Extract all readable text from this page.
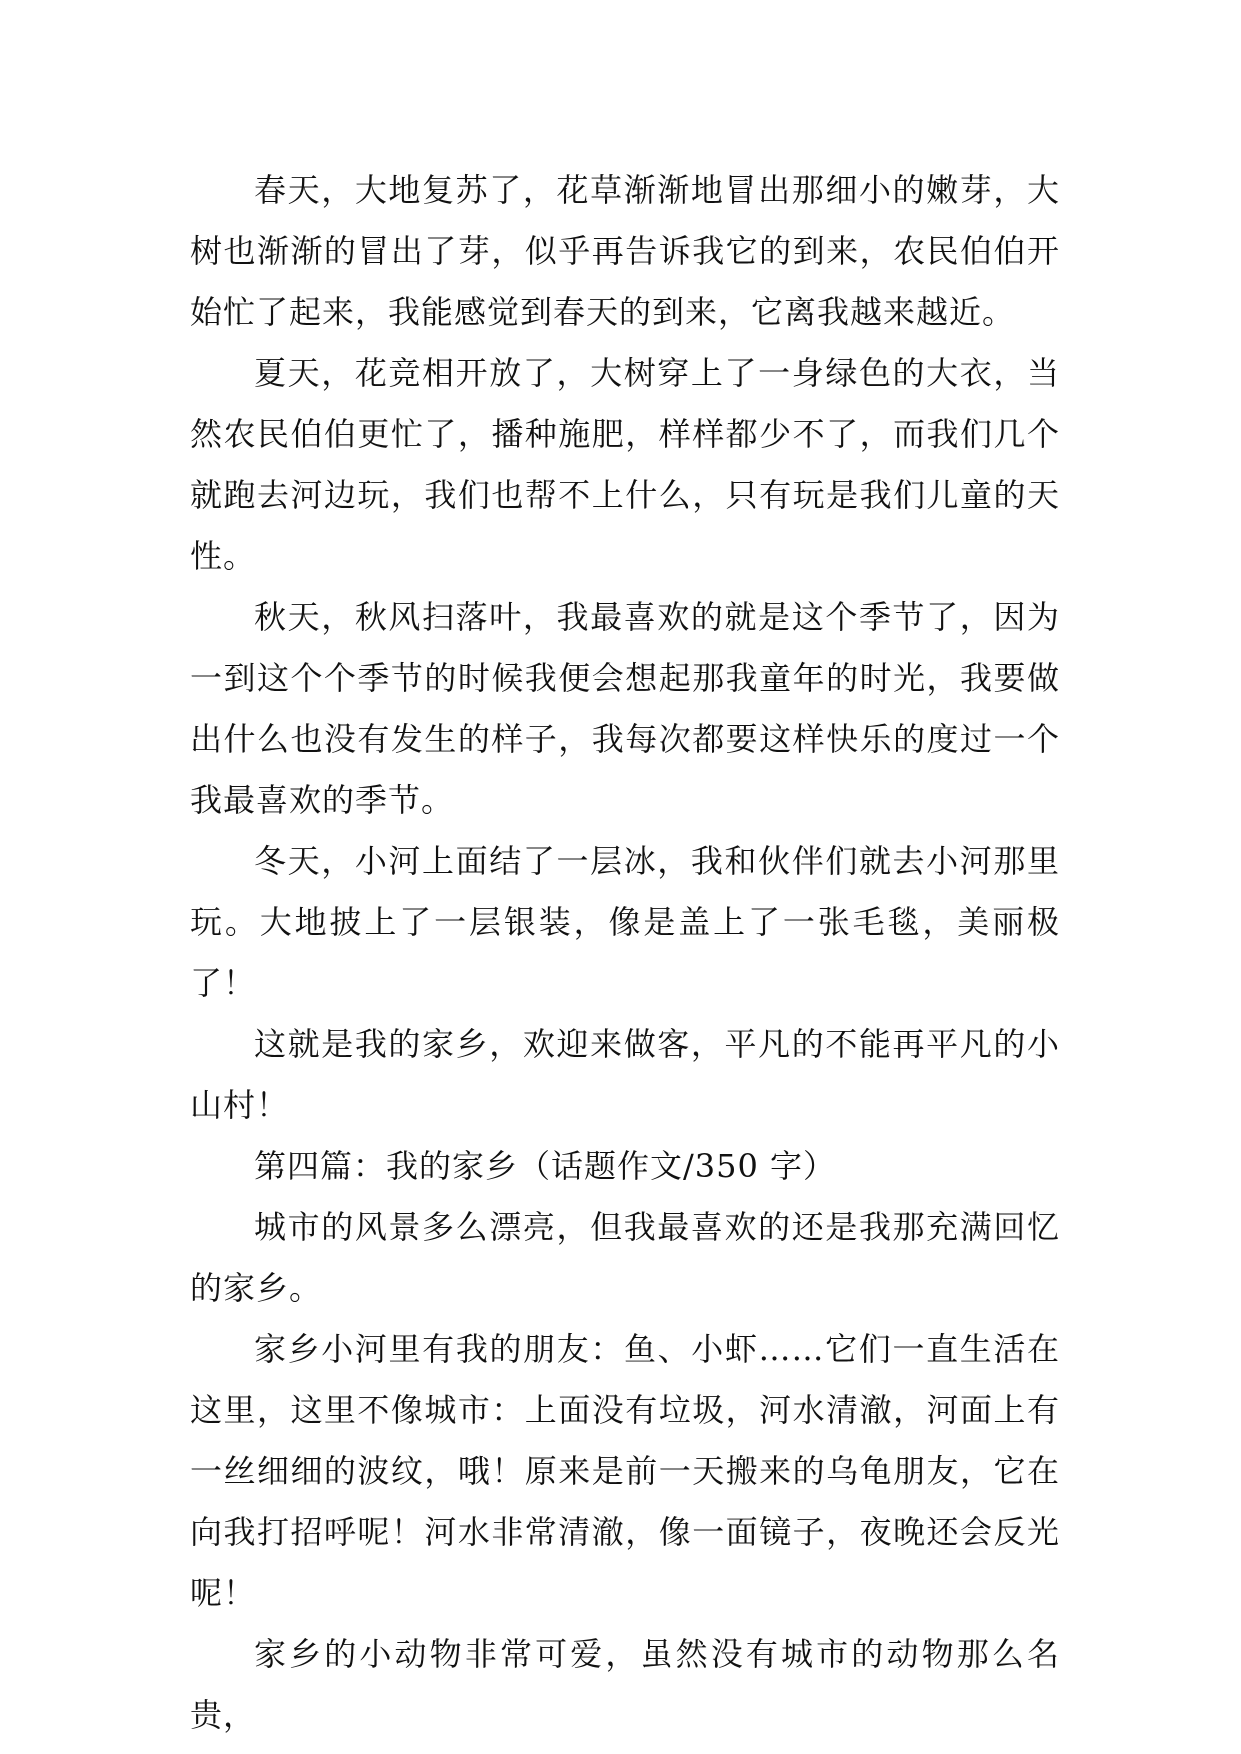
春天，大地复苏了，花草渐渐地冒出那细小的嫩芽，大树也渐渐的冒出了芽，似乎再告诉我它的到来，农民伯伯开始忙了起来，我能感觉到春天的到来，它离我越来越近。

夏天，花竞相开放了，大树穿上了一身绿色的大衣，当然农民伯伯更忙了，播种施肥，样样都少不了，而我们几个就跑去河边玩，我们也帮不上什么，只有玩是我们儿童的天性。

秋天，秋风扫落叶，我最喜欢的就是这个季节了，因为一到这个个季节的时候我便会想起那我童年的时光，我要做出什么也没有发生的样子，我每次都要这样快乐的度过一个我最喜欢的季节。

冬天，小河上面结了一层冰，我和伙伴们就去小河那里玩。大地披上了一层银装，像是盖上了一张毛毯，美丽极了！

这就是我的家乡，欢迎来做客，平凡的不能再平凡的小山村！

第四篇：我的家乡（话题作文/350 字）

城市的风景多么漂亮，但我最喜欢的还是我那充满回忆的家乡。

家乡小河里有我的朋友：鱼、小虾……它们一直生活在这里，这里不像城市：上面没有垃圾，河水清澈，河面上有一丝细细的波纹，哦！原来是前一天搬来的乌龟朋友，它在向我打招呼呢！河水非常清澈，像一面镜子，夜晚还会反光呢！

家乡的小动物非常可爱，虽然没有城市的动物那么名贵，
